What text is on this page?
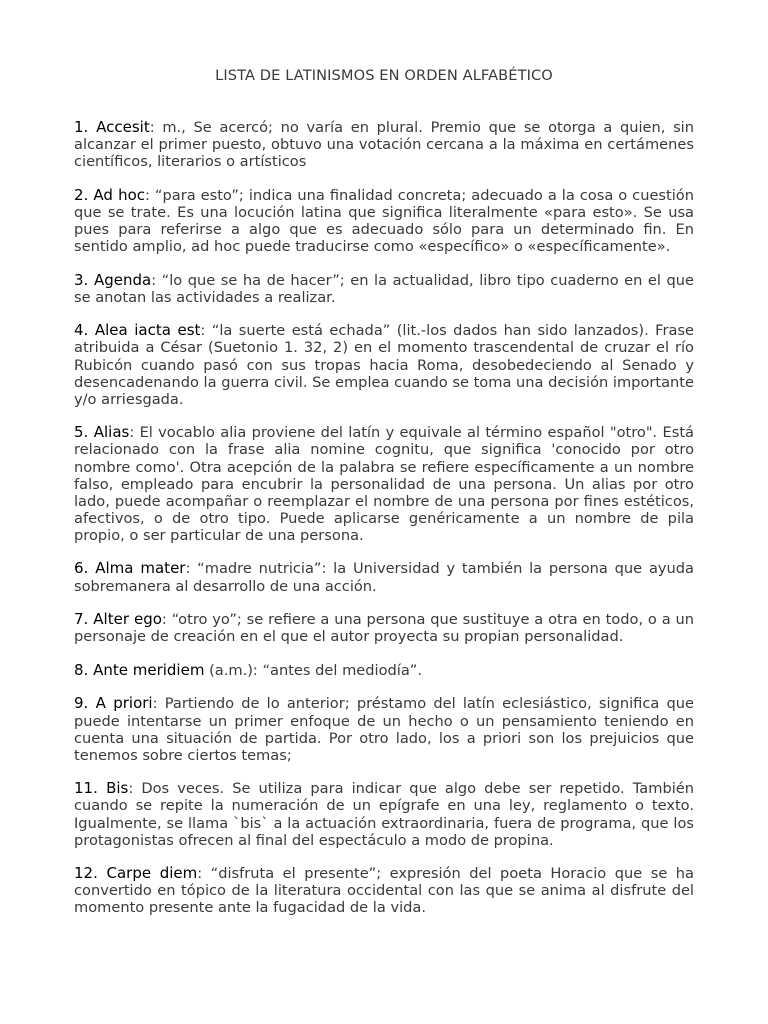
LISTA DE LATINISMOS EN ORDEN ALFABÉTICO

1. Accesit: m., Se acercó; no varía en plural. Premio que se otorga a quien, sin alcanzar el primer puesto, obtuvo una votación cercana a la máxima en certámenes científicos, literarios o artísticos

2. Ad hoc: “para esto”; indica una finalidad concreta; adecuado a la cosa o cuestión que se trate. Es una locución latina que significa literalmente «para esto». Se usa pues para referirse a algo que es adecuado sólo para un determinado fin. En sentido amplio, ad hoc puede traducirse como «específico» o «específicamente».

3. Agenda: “lo que se ha de hacer”; en la actualidad, libro tipo cuaderno en el que se anotan las actividades a realizar.

4. Alea iacta est: “la suerte está echada” (lit.-los dados han sido lanzados). Frase atribuida a César (Suetonio 1. 32, 2) en el momento trascendental de cruzar el río Rubicón cuando pasó con sus tropas hacia Roma, desobedeciendo al Senado y desencadenando la guerra civil. Se emplea cuando se toma una decisión importante y/o arriesgada.

5. Alias: El vocablo alia proviene del latín y equivale al término español "otro". Está relacionado con la frase alia nomine cognitu, que significa 'conocido por otro nombre como'. Otra acepción de la palabra se refiere específicamente a un nombre falso, empleado para encubrir la personalidad de una persona. Un alias por otro lado, puede acompañar o reemplazar el nombre de una persona por fines estéticos, afectivos, o de otro tipo. Puede aplicarse genéricamente a un nombre de pila propio, o ser particular de una persona.

6. Alma mater: “madre nutricia”: la Universidad y también la persona que ayuda sobremanera al desarrollo de una acción.

7. Alter ego: “otro yo”; se refiere a una persona que sustituye a otra en todo, o a un personaje de creación en el que el autor proyecta su propian personalidad.

8. Ante meridiem (a.m.): “antes del mediodía”.

9. A priori: Partiendo de lo anterior; préstamo del latín eclesiástico, significa que puede intentarse un primer enfoque de un hecho o un pensamiento teniendo en cuenta una situación de partida. Por otro lado, los a priori son los prejuicios que tenemos sobre ciertos temas;

11. Bis: Dos veces. Se utiliza para indicar que algo debe ser repetido. También cuando se repite la numeración de un epígrafe en una ley, reglamento o texto. Igualmente, se llama `bis` a la actuación extraordinaria, fuera de programa, que los protagonistas ofrecen al final del espectáculo a modo de propina.

12. Carpe diem: “disfruta el presente”; expresión del poeta Horacio que se ha convertido en tópico de la literatura occidental con las que se anima al disfrute del momento presente ante la fugacidad de la vida.
